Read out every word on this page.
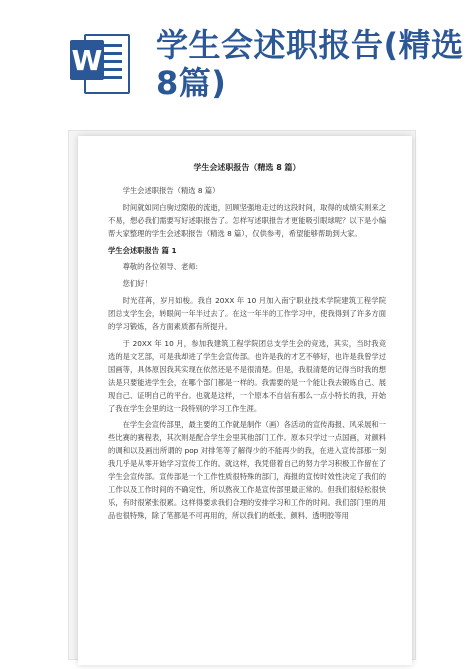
W 学生会述职报告(精选8篇)
学生会述职报告（精选 8 篇）
学生会述职报告（精选 8 篇）
时间就如同白驹过隙般的流逝，回顾坚强地走过的这段时间，取得的成绩实则来之不易，想必我们需要写好述职报告了。怎样写述职报告才更能吸引眼球呢？以下是小编帮大家整理的学生会述职报告（精选 8 篇），仅供参考，希望能够帮助到大家。
学生会述职报告 篇 1
尊敬的各位领导、老师:
您们好！
时光荏苒，岁月如梭。我自 20XX 年 10 月加入南宁职业技术学院建筑工程学院团总支学生会，转眼间一年半过去了。在这一年半的工作学习中，使我得到了许多方面的学习锻炼，各方面素质都有所提升。
于 20XX 年 10 月，参加我建筑工程学院团总支学生会的竞选，其实，当时我竞选的是文艺部，可是我却进了学生会宣传部。也许是我的才艺不够好，也许是我曾学过国画等，具体原因我其实现在依然还是不是很清楚。但是，我很清楚的记得当时我的想法是只要能进学生会，在哪个部门都是一样的。我需要的是一个能让我去锻炼自己、展现自己、证明自己的平台。也就是这样，一个原本不自信有那么一点小特长的我，开始了我在学生会里的这一段特别的学习工作生涯。
在学生会宣传部里，最主要的工作就是制作（画）各活动的宣传海报、风采展和一些比赛的赛程表，其次则是配合学生会里其他部门工作。原本只学过一点国画，对颜料的调和以及画出所谓的 pop 对排笔等了解得少的不能再少的我，在进入宣传部那一刻我几乎是从零开始学习宣传工作的。就这样，我凭借着自己的努力学习积极工作留在了学生会宣传部。宣传部是一个工作性质很特殊的部门，海报的宣传时效性决定了我们的工作以及工作时间的不确定性，所以熬夜工作是宣传部里最正常的。但我们很轻松很快乐，有时很紧张很累。这样得要求我们合理的安排学习和工作的时间。我们部门里的用品也很特殊，除了笔都是不可再用的，所以我们的纸张、颜料、透明胶等用
